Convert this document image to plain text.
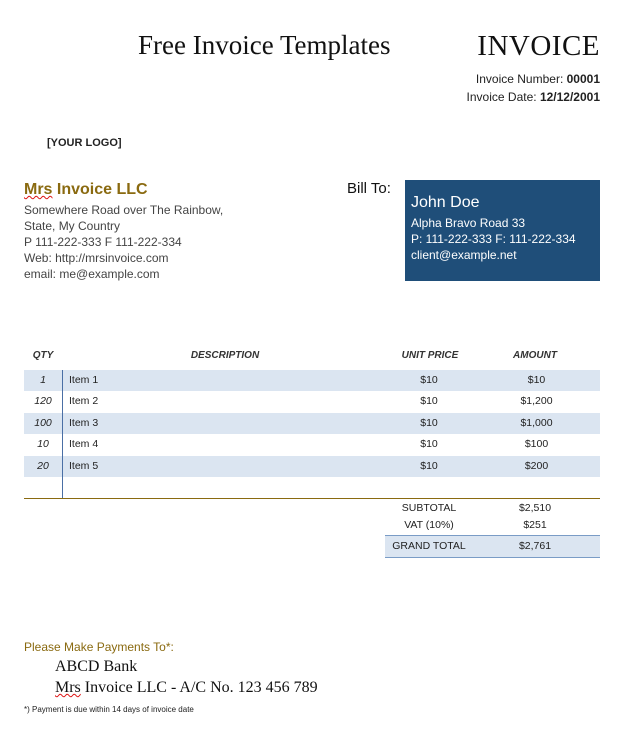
Free Invoice Templates	INVOICE
Invoice Number: 00001
Invoice Date: 12/12/2001
[YOUR LOGO]
Mrs Invoice LLC
Somewhere Road over The Rainbow,
State, My Country
P 111-222-333 F 111-222-334
Web: http://mrsinvoice.com
email: me@example.com
Bill To:
John Doe
Alpha Bravo Road 33
P: 111-222-333 F: 111-222-334
client@example.net
QTY	DESCRIPTION	UNIT PRICE	AMOUNT
1	Item 1	$10	$10
120	Item 2	$10	$1,200
100	Item 3	$10	$1,000
10	Item 4	$10	$100
20	Item 5	$10	$200
SUBTOTAL	$2,510
VAT (10%)	$251
GRAND TOTAL	$2,761
Please Make Payments To*:
ABCD Bank
Mrs Invoice LLC - A/C No. 123 456 789
*) Payment is due within 14 days of invoice date
